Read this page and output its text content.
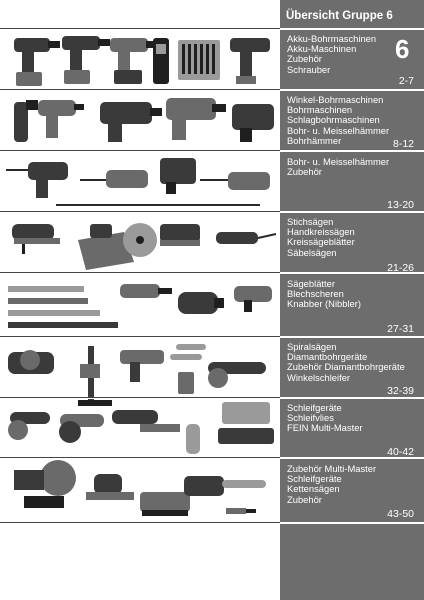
Übersicht Gruppe 6
6
Akku-Bohrmaschinen
Akku-Maschinen
Zubehör
Schrauber
2-7
Winkel-Bohrmaschinen
Bohrmaschinen
Schlagbohrmaschinen
Bohr- u. Meisselhämmer
Bohrhämmer	8-12
Bohr- u. Meisselhämmer
Zubehör
13-20
Stichsägen
Handkreissägen
Kreissägeblätter
Säbelsägen
21-26
Sägeblätter
Blechscheren
Knabber (Nibbler)
27-31
Spiralsägen
Diamantbohrgeräte
Zubehör Diamantbohrgeräte
Winkelschleifer
32-39
Schleifgeräte
Schleifvlies
FEIN Multi-Master
40-42
Zubehör Multi-Master
Schleifgeräte
Kettensägen
Zubehör
43-50
